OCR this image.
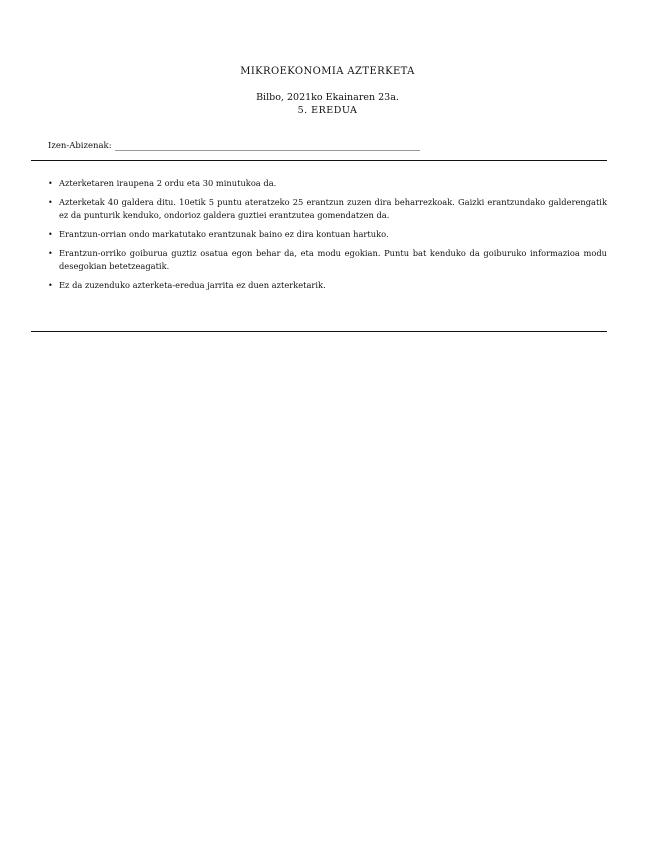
MIKROEKONOMIA AZTERKETA
Bilbo, 2021ko Ekainaren 23a.
5. EREDUA
Izen-Abizenak:
• Azterketaren iraupena 2 ordu eta 30 minutukoa da.
• Azterketak 40 galdera ditu. 10etik 5 puntu ateratzeko 25 erantzun zuzen dira beharrezkoak. Gaizki erantzundako galderengatik ez da punturik kenduko, ondorioz galdera guztiei erantzutea gomendatzen da.
• Erantzun-orrian ondo markatutako erantzunak baino ez dira kontuan hartuko.
• Erantzun-orriko goiburua guztiz osatua egon behar da, eta modu egokian. Puntu bat kenduko da goiburuko informazioa modu desegokian betetzeagatik.
• Ez da zuzenduko azterketa-eredua jarrita ez duen azterketarik.
